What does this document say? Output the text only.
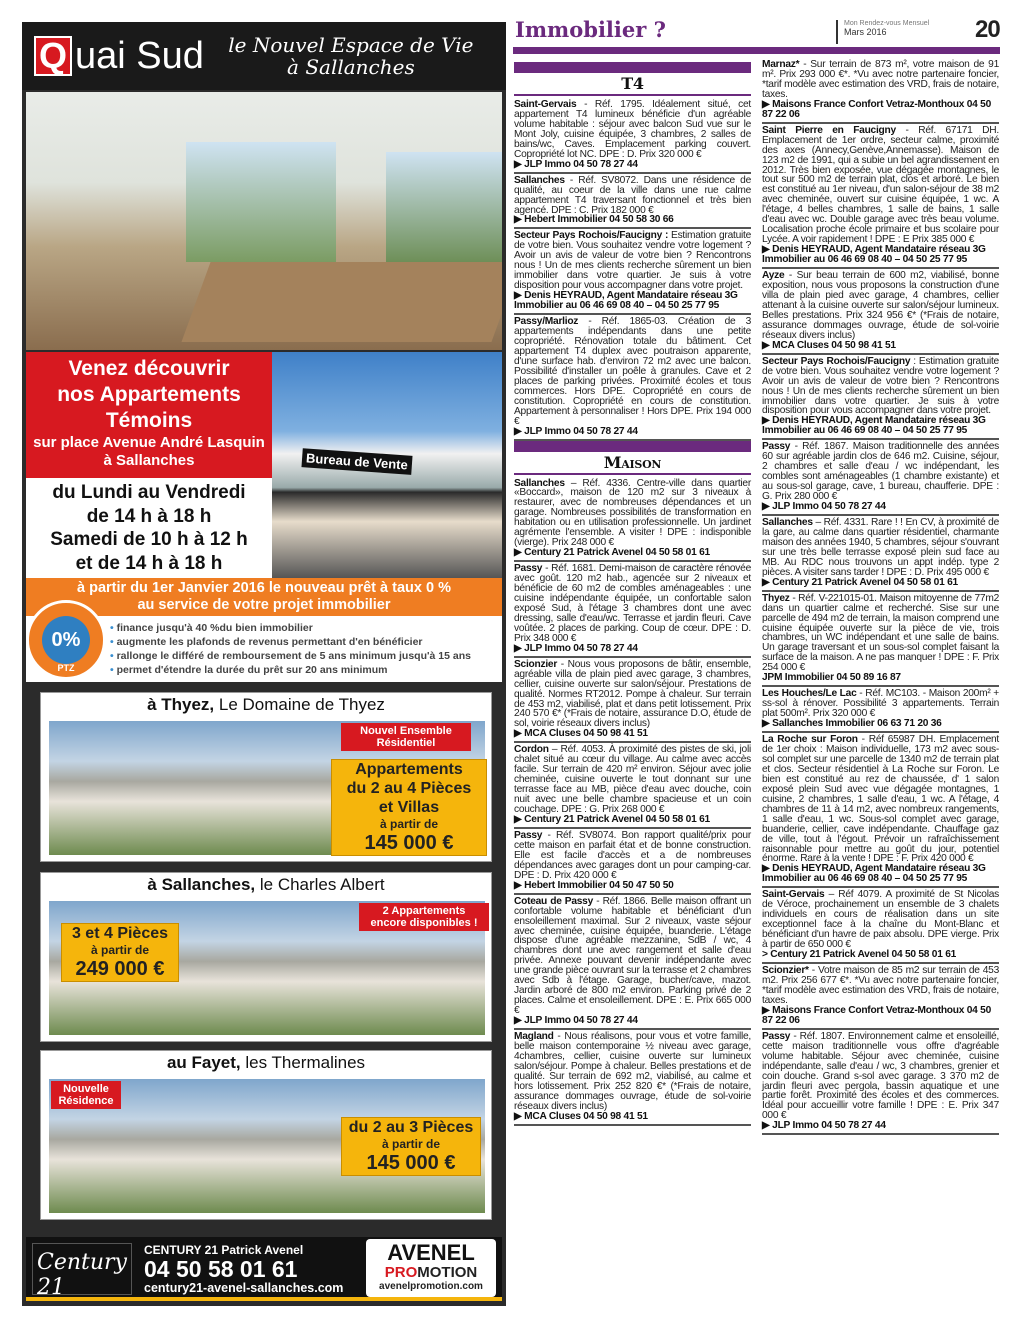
Q uai Sud le Nouvel Espace de Vie
à Sallanches
Venez découvrir
nos Appartements
Témoins
sur place Avenue André Lasquin
à Sallanches	Bureau de Vente
du Lundi au Vendredi
de 14 h à 18 h
Samedi de 10 h à 12 h
et de 14 h à 18 h
à partir du 1er Janvier 2016 le nouveau prêt à taux 0 %
au service de votre projet immobilier
• finance jusqu'à 40 %du bien immobilier
• augmente les plafonds de revenus permettant d'en bénéficier
• rallonge le différé de remboursement de 5 ans minimum jusqu'à 15 ans
• permet d'étendre la durée du prêt sur 20 ans minimum
0%
PTZ
à Thyez, Le Domaine de Thyez
Nouvel Ensemble Résidentiel
Appartements
du 2 au 4 Pièces
et Villas
à partir de
145 000 €
à Sallanches, le Charles Albert
2 Appartements encore disponibles !
3 et 4 Pièces
à partir de
249 000 €
au Fayet, les Thermalines
Nouvelle Résidence
du 2 au 3 Pièces
à partir de
145 000 €
Century 21
CENTURY 21 Patrick Avenel
04 50 58 01 61
century21-avenel-sallanches.com
AVENEL
PROMOTION
avenelpromotion.com
Immobilier ?	Mon Rendez-vous Mensuel
Mars 2016	20
T4
Saint-Gervais - Réf. 1795. Idéalement situé, cet appartement T4 lumineux bénéficie d'un agréable volume habitable : séjour avec balcon Sud vue sur le Mont Joly, cuisine équipée, 3 chambres, 2 salles de bains/wc, Caves. Emplacement parking couvert. Copropriété lot NC. DPE : D. Prix 320 000 €
▶ JLP Immo 04 50 78 27 44
Sallanches - Réf. SV8072. Dans une résidence de qualité, au coeur de la ville dans une rue calme appartement T4 traversant fonctionnel et très bien agencé. DPE : C. Prix 182 000 €
▶ Hebert Immobilier 04 50 58 30 66
Secteur Pays Rochois/Faucigny : Estimation gratuite de votre bien. Vous souhaitez vendre votre logement ? Avoir un avis de valeur de votre bien ? Rencontrons nous ! Un de mes clients recherche sûrement un bien immobilier dans votre quartier. Je suis à votre disposition pour vous accompagner dans votre projet.
▶ Denis HEYRAUD, Agent Mandataire réseau 3G Immobilier au 06 46 69 08 40 – 04 50 25 77 95
Passy/Marlioz - Réf. 1865-03. Création de 3 appartements indépendants dans une petite copropriété. Rénovation totale du bâtiment. Cet appartement T4 duplex avec poutraison apparente, d'une surface hab. d'environ 72 m2 avec une balcon. Possibilité d'installer un poêle à granules. Cave et 2 places de parking privées. Proximité écoles et tous commerces. Hors DPE. Copropriété en cours de constitution. Copropriété en cours de constitution. Appartement à personnaliser ! Hors DPE. Prix 194 000 €
▶ JLP Immo 04 50 78 27 44
Maison
Sallanches – Réf. 4336. Centre-ville dans quartier «Boccard», maison de 120 m2 sur 3 niveaux à restaurer, avec de nombreuses dépendances et un garage. Nombreuses possibilités de transformation en habitation ou en utilisation professionnelle. Un jardinet agrémente l'ensemble. A visiter ! DPE : indisponible (vierge). Prix 248 000 €
▶ Century 21 Patrick Avenel 04 50 58 01 61
Passy - Réf. 1681. Demi-maison de caractère rénovée avec goût. 120 m2 hab., agencée sur 2 niveaux et bénéficie de 60 m2 de combles aménageables : une cuisine indépendante équipée, un confortable salon exposé Sud, à l'étage 3 chambres dont une avec dressing, salle d'eau/wc. Terrasse et jardin fleuri. Cave voûtée. 2 places de parking. Coup de cœur. DPE : D. Prix 348 000 €
▶ JLP Immo 04 50 78 27 44
Scionzier - Nous vous proposons de bâtir, ensemble, agréable villa de plain pied avec garage, 3 chambres, cellier, cuisine ouverte sur salon/séjour. Prestations de qualité. Normes RT2012. Pompe à chaleur. Sur terrain de 453 m2, viabilisé, plat et dans petit lotissement. Prix 240 570 €* (*Frais de notaire, assurance D.O, étude de sol, voirie réseaux divers inclus)
▶ MCA Cluses 04 50 98 41 51
Cordon – Réf. 4053. À proximité des pistes de ski, joli chalet situé au cœur du village. Au calme avec accès facile. Sur terrain de 420 m² environ. Séjour avec jolie cheminée, cuisine ouverte le tout donnant sur une terrasse face au MB, pièce d'eau avec douche, coin nuit avec une belle chambre spacieuse et un coin couchage. DPE : G. Prix 268 000 €
▶ Century 21 Patrick Avenel 04 50 58 01 61
Passy - Réf. SV8074. Bon rapport qualité/prix pour cette maison en parfait état et de bonne construction. Elle est facile d'accès et a de nombreuses dépendances avec garages dont un pour camping-car. DPE : D. Prix 420 000 €
▶ Hebert Immobilier 04 50 47 50 50
Coteau de Passy - Réf. 1866. Belle maison offrant un confortable volume habitable et bénéficiant d'un ensoleillement maximal. Sur 2 niveaux, vaste séjour avec cheminée, cuisine équipée, buanderie. L'étage dispose d'une agréable mezzanine, SdB / wc, 4 chambres dont une avec rangement et salle d'eau privée. Annexe pouvant devenir indépendante avec une grande pièce ouvrant sur la terrasse et 2 chambres avec Sdb à l'étage. Garage, bucher/cave, mazot. Jardin arboré de 800 m2 environ. Parking privé de 2 places. Calme et ensoleillement. DPE : E. Prix 665 000 €
▶ JLP Immo 04 50 78 27 44
Magland - Nous réalisons, pour vous et votre famille, belle maison contemporaine ½ niveau avec garage, 4chambres, cellier, cuisine ouverte sur lumineux salon/séjour. Pompe à chaleur. Belles prestations et de qualité. Sur terrain de 692 m2, viabilisé, au calme et hors lotissement. Prix 252 820 €* (*Frais de notaire, assurance dommages ouvrage, étude de sol-voirie réseaux divers inclus)
▶ MCA Cluses 04 50 98 41 51
Marnaz* - Sur terrain de 873 m², votre maison de 91 m². Prix 293 000 €*. *Vu avec notre partenaire foncier, *tarif modèle avec estimation des VRD, frais de notaire, taxes.
▶ Maisons France Confort Vetraz-Monthoux 04 50 87 22 06
Saint Pierre en Faucigny - Réf. 67171 DH. Emplacement de 1er ordre, secteur calme, proximité des axes (Annecy,Genève,Annemasse). Maison de 123 m2 de 1991, qui a subie un bel agrandissement en 2012. Très bien exposée, vue dégagée montagnes, le tout sur 500 m2 de terrain plat, clos et arboré. Le bien est constitué au 1er niveau, d'un salon-séjour de 38 m2 avec cheminée, ouvert sur cuisine équipée, 1 wc. A l'étage, 4 belles chambres, 1 salle de bains, 1 salle d'eau avec wc. Double garage avec très beau volume. Localisation proche école primaire et bus scolaire pour Lycée. A voir rapidement ! DPE : E Prix 385 000 €
▶ Denis HEYRAUD, Agent Mandataire réseau 3G Immobilier au 06 46 69 08 40 – 04 50 25 77 95
Ayze - Sur beau terrain de 600 m2, viabilisé, bonne exposition, nous vous proposons la construction d'une villa de plain pied avec garage, 4 chambres, cellier attenant à la cuisine ouverte sur salon/séjour lumineux. Belles prestations. Prix 324 956 €* (*Frais de notaire, assurance dommages ouvrage, étude de sol-voirie réseaux divers inclus)
▶ MCA Cluses 04 50 98 41 51
Secteur Pays Rochois/Faucigny : Estimation gratuite de votre bien. Vous souhaitez vendre votre logement ? Avoir un avis de valeur de votre bien ? Rencontrons nous ! Un de mes clients recherche sûrement un bien immobilier dans votre quartier. Je suis à votre disposition pour vous accompagner dans votre projet.
▶ Denis HEYRAUD, Agent Mandataire réseau 3G Immobilier au 06 46 69 08 40 – 04 50 25 77 95
Passy - Réf. 1867. Maison traditionnelle des années 60 sur agréable jardin clos de 646 m2. Cuisine, séjour, 2 chambres et salle d'eau / wc indépendant, les combles sont aménageables (1 chambre existante) et au sous-sol garage, cave, 1 bureau, chaufferie. DPE : G. Prix 280 000 €
▶ JLP Immo 04 50 78 27 44
Sallanches – Réf. 4331. Rare ! ! En CV, à proximité de la gare, au calme dans quartier résidentiel, charmante maison des années 1940, 5 chambres, séjour s'ouvrant sur une très belle terrasse exposé plein sud face au MB. Au RDC nous trouvons un appt indép. type 2 pièces. A visiter sans tarder ! DPE : D. Prix 495 000 €
▶ Century 21 Patrick Avenel 04 50 58 01 61
Thyez - Réf. V-221015-01. Maison mitoyenne de 77m2 dans un quartier calme et recherché. Sise sur une parcelle de 494 m2 de terrain, la maison comprend une cuisine équipée ouverte sur la pièce de vie, trois chambres, un WC indépendant et une salle de bains. Un garage traversant et un sous-sol complet faisant la surface de la maison. A ne pas manquer ! DPE : F. Prix 254 000 €
JPM Immobilier 04 50 89 16 87
Les Houches/Le Lac - Réf. MC103. - Maison 200m² + ss-sol à rénover. Possibilité 3 appartements. Terrain plat 500m². Prix 320 000 €
▶ Sallanches Immobilier 06 63 71 20 36
La Roche sur Foron - Réf 65987 DH. Emplacement de 1er choix : Maison individuelle, 173 m2 avec sous-sol complet sur une parcelle de 1340 m2 de terrain plat et clos. Secteur résidentiel à La Roche sur Foron. Le bien est constitué au rez de chaussée, d' 1 salon exposé plein Sud avec vue dégagée montagnes, 1 cuisine, 2 chambres, 1 salle d'eau, 1 wc. A l'étage, 4 chambres de 11 à 14 m2, avec nombreux rangements, 1 salle d'eau, 1 wc. Sous-sol complet avec garage, buanderie, cellier, cave indépendante. Chauffage gaz de ville, tout à l'égout. Prévoir un rafraîchissement raisonnable pour mettre au goût du jour, potentiel énorme. Rare à la vente ! DPE : F. Prix 420 000 €
▶ Denis HEYRAUD, Agent Mandataire réseau 3G Immobilier au 06 46 69 08 40 – 04 50 25 77 95
Saint-Gervais – Réf 4079. A proximité de St Nicolas de Véroce, prochainement un ensemble de 3 chalets individuels en cours de réalisation dans un site exceptionnel face à la chaîne du Mont-Blanc et bénéficiant d'un havre de paix absolu. DPE vierge. Prix à partir de 650 000 €
> Century 21 Patrick Avenel 04 50 58 01 61
Scionzier* - Votre maison de 85 m2 sur terrain de 453 m2. Prix 256 677 €*. *Vu avec notre partenaire foncier, *tarif modèle avec estimation des VRD, frais de notaire, taxes.
▶ Maisons France Confort Vetraz-Monthoux 04 50 87 22 06
Passy - Réf. 1807. Environnement calme et ensoleillé, cette maison traditionnelle vous offre d'agréable volume habitable. Séjour avec cheminée, cuisine indépendante, salle d'eau / wc, 3 chambres, grenier et coin douche. Grand s-sol avec garage. 3 370 m2 de jardin fleuri avec pergola, bassin aquatique et une partie forêt. Proximité des écoles et des commerces. Idéal pour accueillir votre famille ! DPE : E. Prix 347 000 €
▶ JLP Immo 04 50 78 27 44
